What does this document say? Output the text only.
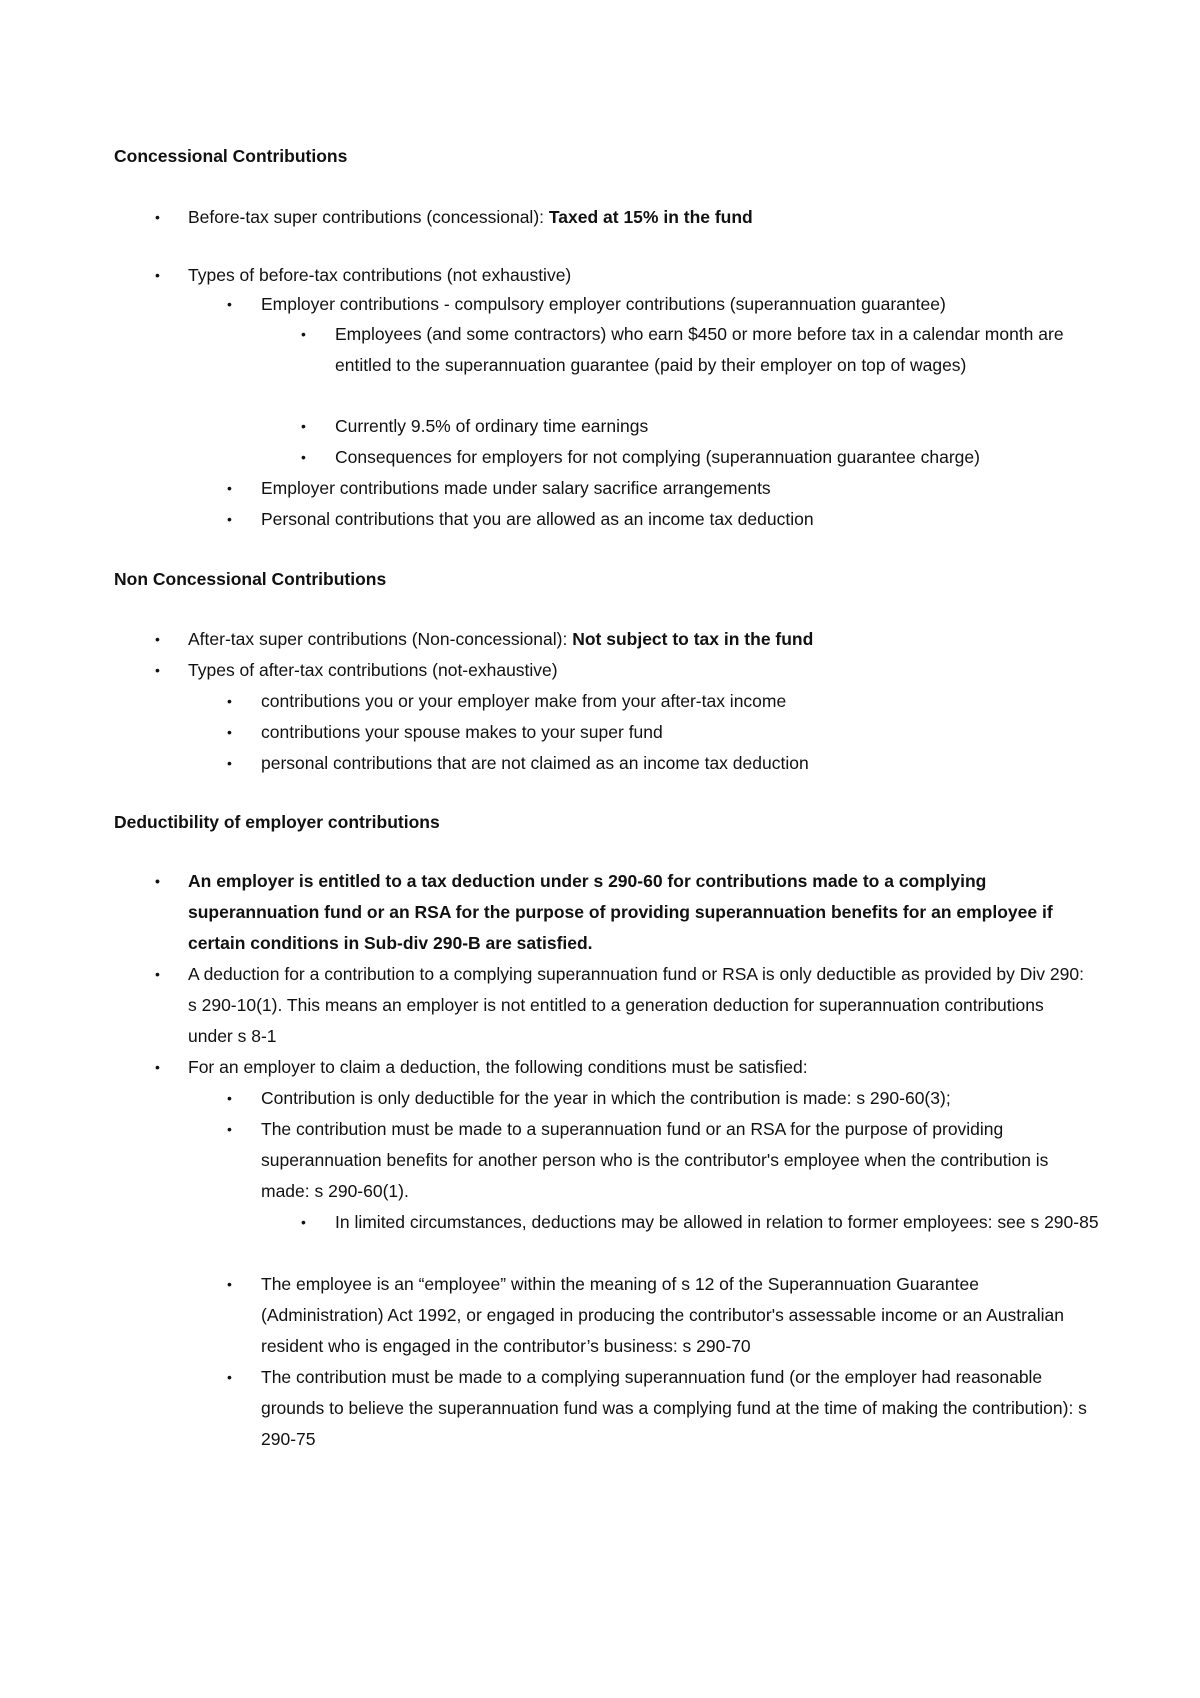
Concessional Contributions
• Before-tax super contributions (concessional): Taxed at 15% in the fund
• Types of before-tax contributions (not exhaustive)
• Employer contributions - compulsory employer contributions (superannuation guarantee)
• Employees (and some contractors) who earn $450 or more before tax in a calendar month are entitled to the superannuation guarantee (paid by their employer on top of wages)
• Currently 9.5% of ordinary time earnings
• Consequences for employers for not complying (superannuation guarantee charge)
• Employer contributions made under salary sacrifice arrangements
• Personal contributions that you are allowed as an income tax deduction
Non Concessional Contributions
• After-tax super contributions (Non-concessional): Not subject to tax in the fund
• Types of after-tax contributions (not-exhaustive)
• contributions you or your employer make from your after-tax income
• contributions your spouse makes to your super fund
• personal contributions that are not claimed as an income tax deduction
Deductibility of employer contributions
• An employer is entitled to a tax deduction under s 290-60 for contributions made to a complying superannuation fund or an RSA for the purpose of providing superannuation benefits for an employee if certain conditions in Sub-div 290-B are satisfied.
• A deduction for a contribution to a complying superannuation fund or RSA is only deductible as provided by Div 290: s 290-10(1). This means an employer is not entitled to a generation deduction for superannuation contributions under s 8-1
• For an employer to claim a deduction, the following conditions must be satisfied:
• Contribution is only deductible for the year in which the contribution is made: s 290-60(3);
• The contribution must be made to a superannuation fund or an RSA for the purpose of providing superannuation benefits for another person who is the contributor's employee when the contribution is made: s 290-60(1).
• In limited circumstances, deductions may be allowed in relation to former employees: see s 290-85
• The employee is an “employee” within the meaning of s 12 of the Superannuation Guarantee (Administration) Act 1992, or engaged in producing the contributor's assessable income or an Australian resident who is engaged in the contributor’s business: s 290-70
• The contribution must be made to a complying superannuation fund (or the employer had reasonable grounds to believe the superannuation fund was a complying fund at the time of making the contribution): s 290-75
